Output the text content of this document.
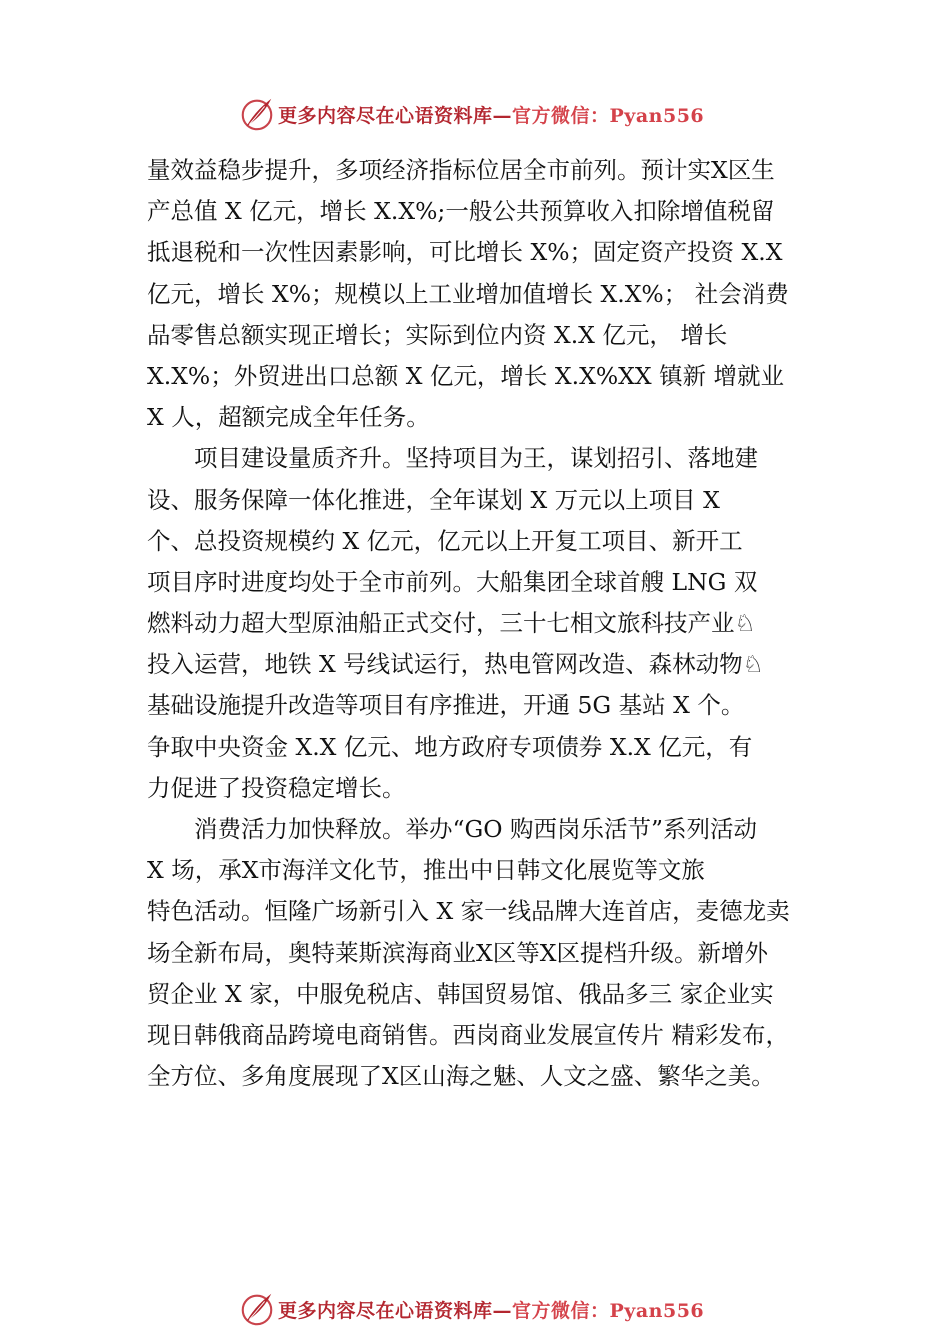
更多内容尽在心语资料库—官方微信：Pyan556
量效益稳步提升，多项经济指标位居全市前列。预计实Ⅹ区生
产总值 X 亿元，增长 X.X%;一般公共预算收入扣除增值税留
抵退税和一次性因素影响，可比增长 X%；固定资产投资 X.X
亿元，增长 X%；规模以上工业增加值增长 X.X%； 社会消费
品零售总额实现正增长；实际到位内资 X.X 亿元， 增长
X.X%；外贸进出口总额 X 亿元，增长 X.X%XX 镇新 增就业
X 人，超额完成全年任务。
项目建设量质齐升。坚持项目为王，谋划招引、落地建
设、服务保障一体化推进，全年谋划 X 万元以上项目 X
个、总投资规模约 X 亿元，亿元以上开复工项目、新开工
项目序时进度均处于全市前列。大船集团全球首艘 LNG 双
燃料动力超大型原油船正式交付，三十七相文旅科技产业♘
投入运营，地铁 X 号线试运行，热电管网改造、森林动物♘
基础设施提升改造等项目有序推进，开通 5G 基站 X 个。
争取中央资金 X.X 亿元、地方政府专项债券 X.X 亿元，有
力促进了投资稳定增长。
消费活力加快释放。举办“GO 购西岗乐活节”系列活动
X 场，承Ⅹ市海洋文化节，推出中日韩文化展览等文旅
特色活动。恒隆广场新引入 X 家一线品牌大连首店，麦德龙卖
场全新布局，奥特莱斯滨海商业Ⅹ区等Ⅹ区提档升级。新增外
贸企业 X 家，中服免税店、韩国贸易馆、俄品多三 家企业实
现日韩俄商品跨境电商销售。西岗商业发展宣传片 精彩发布，
全方位、多角度展现了Ⅹ区山海之魅、人文之盛、繁华之美。
更多内容尽在心语资料库—官方微信：Pyan556
